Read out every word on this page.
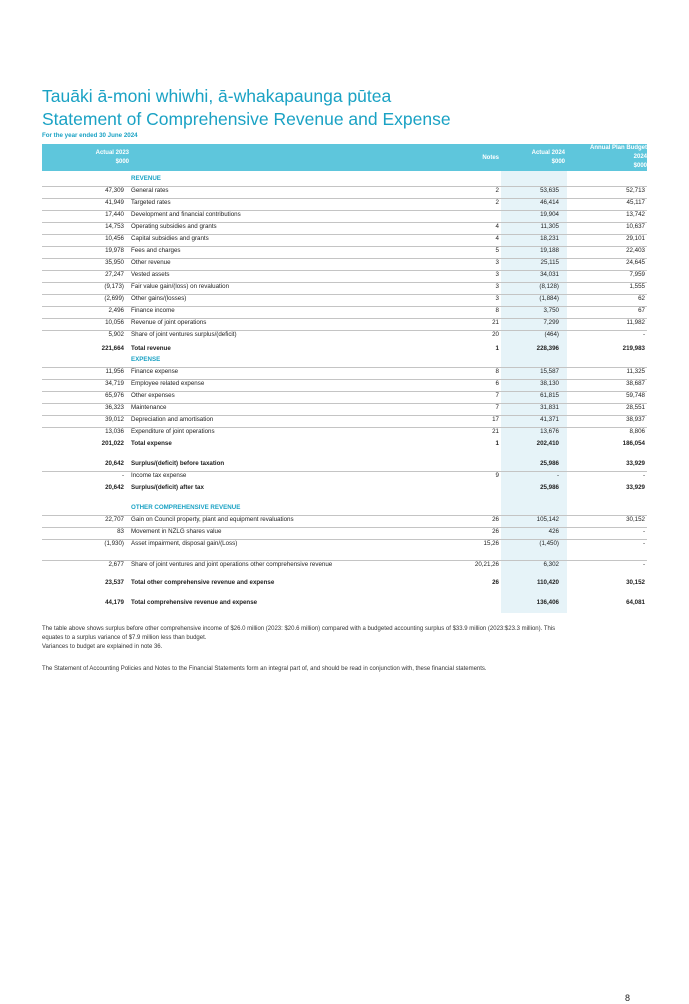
Tauāki ā-moni whiwhi, ā-whakapaunga pūtea
Statement of Comprehensive Revenue and Expense
For the year ended 30 June 2024
Actual 2023
$000
Notes
Actual 2024
$000
Annual Plan Budget
2024
$000
REVENUE
47,309 General rates	2	53,635	52,713
41,949 Targeted rates	2	46,414	45,117
17,440 Development and financial contributions	19,904	13,742
14,753 Operating subsidies and grants	4	11,305	10,637
10,456 Capital subsidies and grants	4	18,231	29,101
19,978 Fees and charges	5	19,188	22,403
35,950 Other revenue	3	25,115	24,645
27,247 Vested assets	3	34,031	7,959
(9,173) Fair value gain/(loss) on revaluation	3	(8,128)	1,555
(2,699) Other gains/(losses)	3	(1,884)	62
2,496 Finance income	8	3,750	67
10,056 Revenue of joint operations	21	7,299	11,982
5,902 Share of joint ventures surplus/(deficit)	20	(464)	-
221,664 Total revenue	1	228,396	219,983
EXPENSE
11,956 Finance expense	8	15,587	11,325
34,719 Employee related expense	6	38,130	38,687
65,976 Other expenses	7	61,815	59,748
36,323 Maintenance	7	31,831	28,551
39,012 Depreciation and amortisation	17	41,371	38,937
13,036 Expenditure of joint operations	21	13,676	8,806
201,022 Total expense	1	202,410	186,054
20,642 Surplus/(deficit) before taxation	25,986	33,929
- Income tax expense	9	-	-
20,642 Surplus/(deficit) after tax	25,986	33,929
OTHER COMPREHENSIVE REVENUE
22,707 Gain on Council property, plant and equipment revaluations	26	105,142	30,152
83 Movement in NZLG shares value	26	426	-
(1,930) Asset impairment, disposal gain/(Loss)	15,26	(1,450)	-
2,677 Share of joint ventures and joint operations other comprehensive revenue	20,21,26	6,302	-
23,537 Total other comprehensive revenue and expense	26	110,420	30,152
44,179 Total comprehensive revenue and expense	136,406	64,081
The table above shows surplus before other comprehensive income of $26.0 million (2023: $20.6 million) compared with a budgeted accounting surplus of $33.9 million (2023:$23.3 million). This
equates to a surplus variance of $7.9 million less than budget.
Variances to budget are explained in note 36.
The Statement of Accounting Policies and Notes to the Financial Statements form an integral part of, and should be read in conjunction with, these financial statements.
8
